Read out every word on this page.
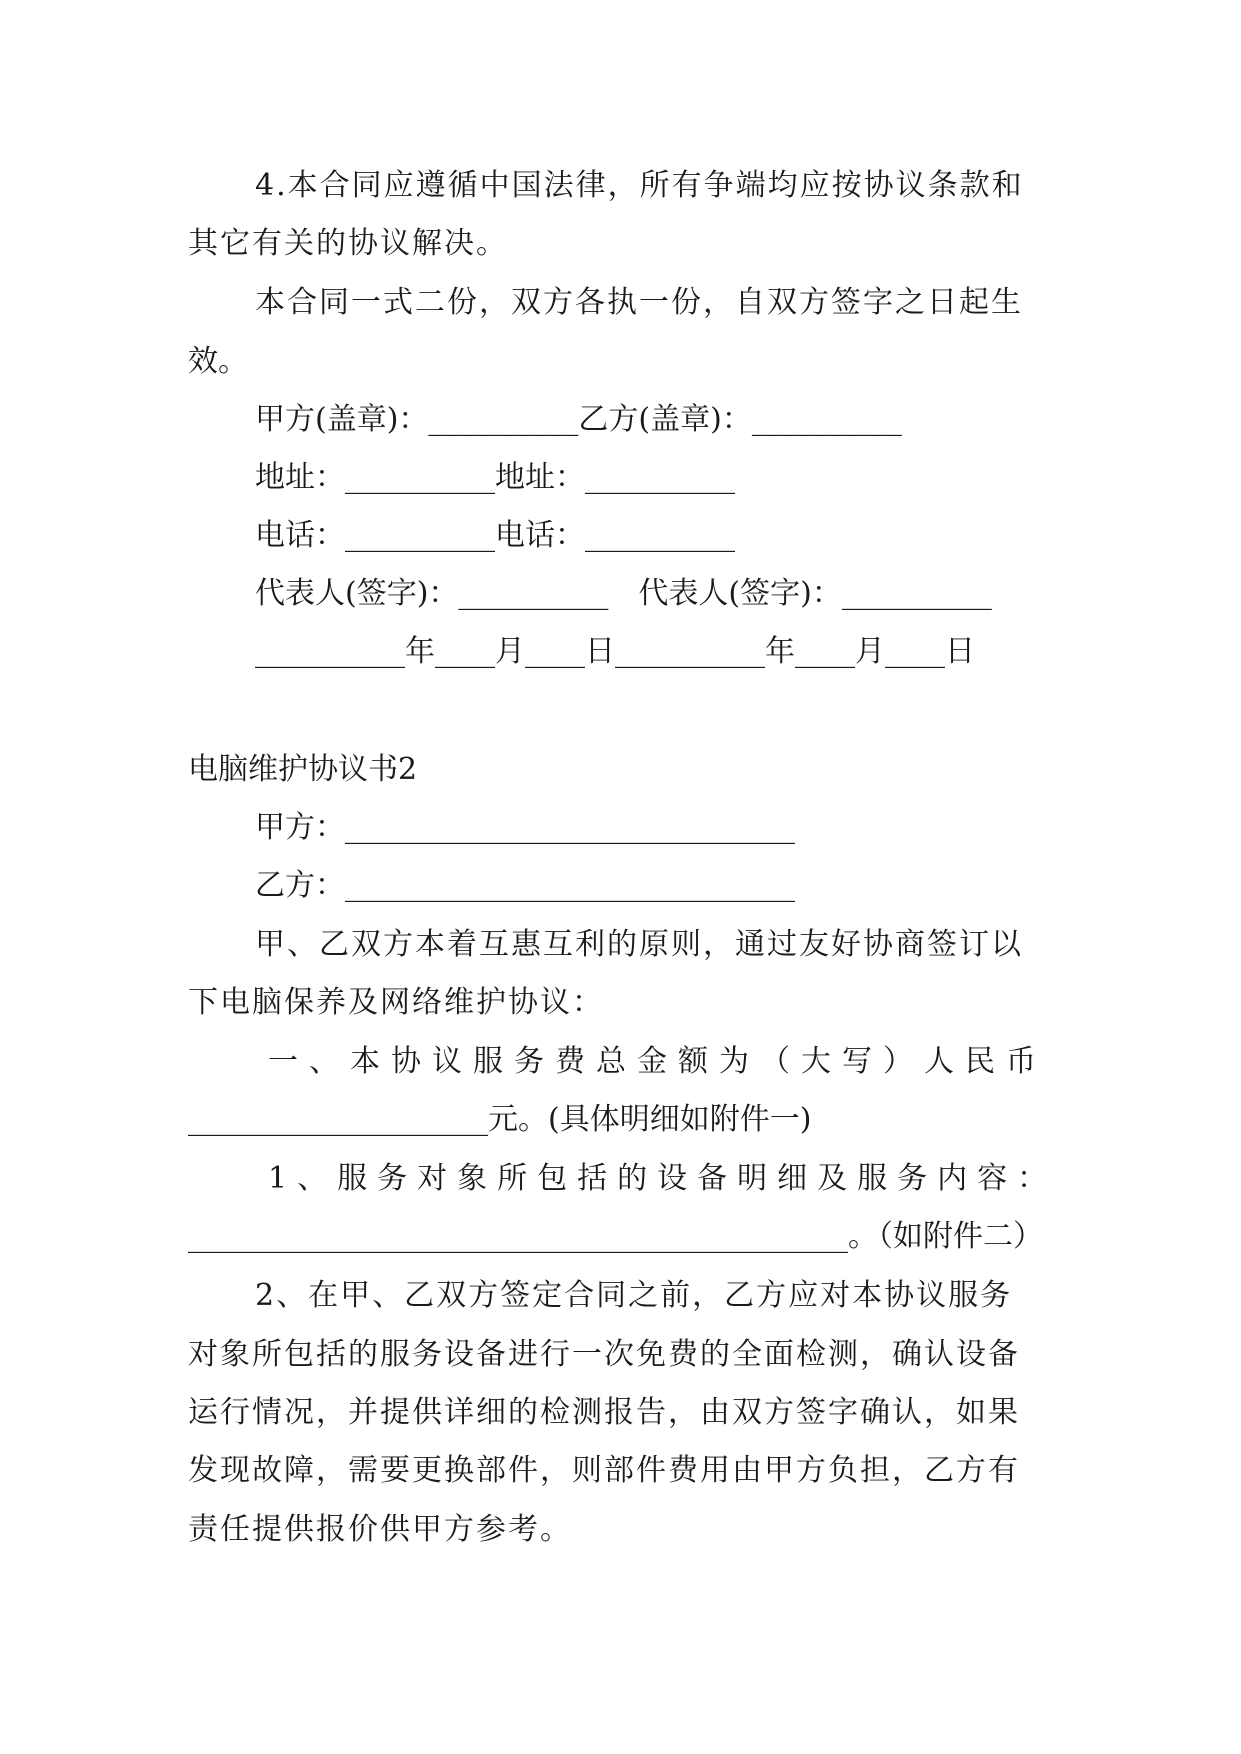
4.本合同应遵循中国法律，所有争端均应按协议条款和
其它有关的协议解决。
本合同一式二份，双方各执一份，自双方签字之日起生
效。
甲方(盖章)：__________乙方(盖章)：__________
地址：__________地址：__________
电话：__________电话：__________
代表人(签字)：__________　代表人(签字)：__________
__________年____月____日__________年____月____日
电脑维护协议书2
甲方：______________________________
乙方：______________________________
甲、乙双方本着互惠互利的原则，通过友好协商签订以
下电脑保养及网络维护协议：
一、本协议服务费总金额为（大写）人民币
____________________元。(具体明细如附件一)
1、服务对象所包括的设备明细及服务内容：
____________________________________________。（如附件二）
2、在甲、乙双方签定合同之前，乙方应对本协议服务
对象所包括的服务设备进行一次免费的全面检测，确认设备
运行情况，并提供详细的检测报告，由双方签字确认，如果
发现故障，需要更换部件，则部件费用由甲方负担，乙方有
责任提供报价供甲方参考。
